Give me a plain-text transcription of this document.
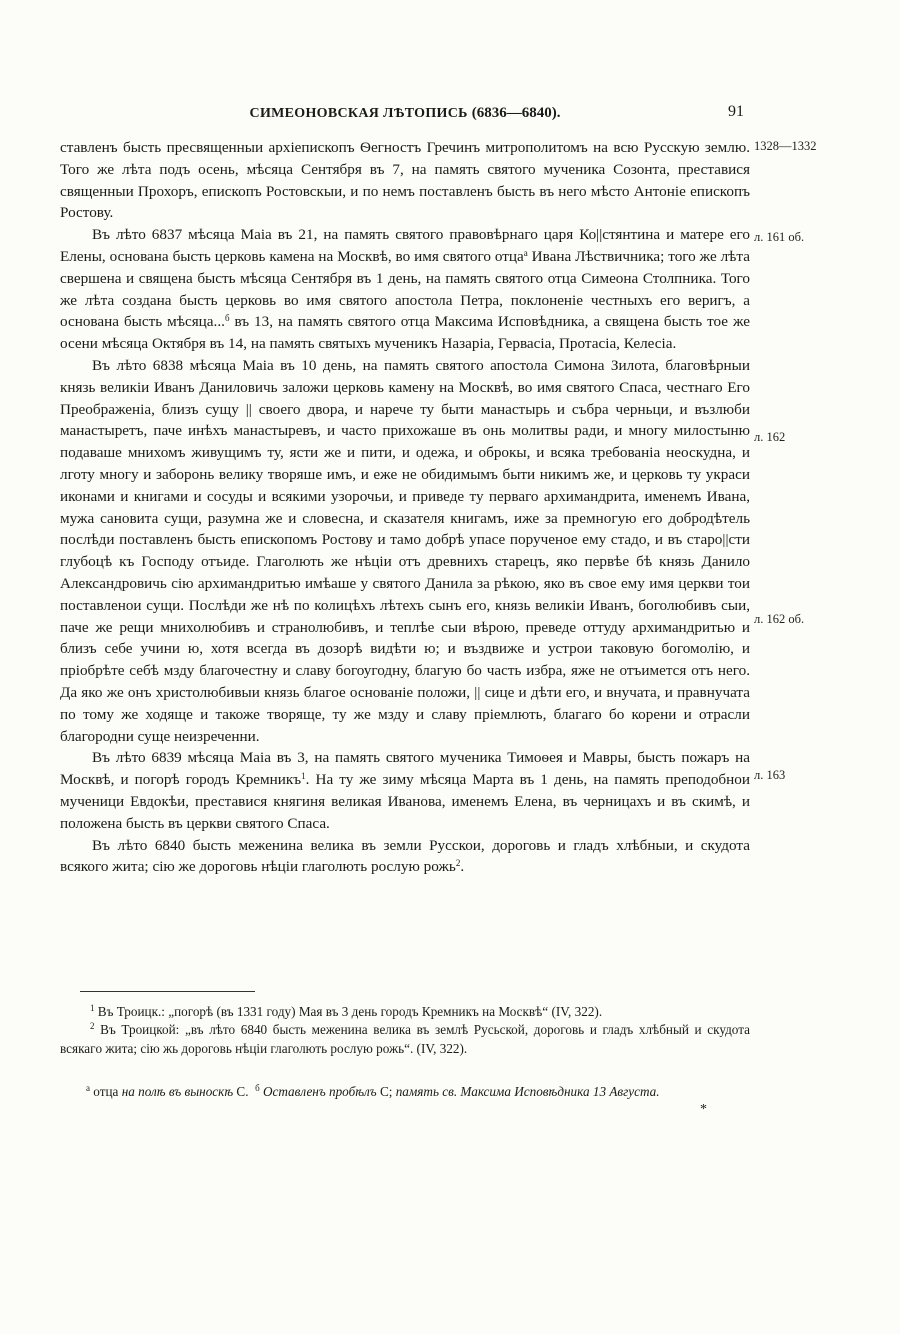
СИМЕОНОВСКАЯ ЛѢТОПИСЬ (6836—6840).	91
1328—1332
л. 161 об.
л. 162
л. 162 об.
л. 163

ставленъ бысть пресвященныи архіепископъ Ѳегностъ Гречинъ митрополитомъ на всю Русскую землю. Того же лѣта подъ осень, мѣсяца Сентября въ 7, на память святого мученика Созонта, преставися священныи Прохоръ, епископъ Ростовскыи, и по немъ поставленъ бысть въ него мѣсто Антоніе епископъ Ростову.

Въ лѣто 6837 мѣсяца Маіа въ 21, на память святого правовѣрнаго царя Ко||стянтина и матере его Елены, основана бысть церковь камена на Москвѣ, во имя святого отца$^а$ Ивана Лѣствичника; того же лѣта свершена и священа бысть мѣсяца Сентября въ 1 день, на память святого отца Симеона Столпника. Того же лѣта создана бысть церковь во имя святого апостола Петра, поклоненіе честныхъ его веригъ, а основана бысть мѣсяца...$^б$ въ 13, на память святого отца Максима Исповѣдника, а священа бысть тое же осени мѣсяца Октября въ 14, на память святыхъ мученикъ Назаріа, Гервасіа, Протасіа, Келесіа.

Въ лѣто 6838 мѣсяца Маіа въ 10 день, на память святого апостола Симона Зилота, благовѣрныи князь великіи Иванъ Даниловичь заложи церковь камену на Москвѣ, во имя святого Спаса, честнаго Его Преображеніа, близъ сущу || своего двора, и нарече ту быти манастырь и събра черньци, и възлюби манастыретъ, паче инѣхъ манастыревъ, и часто прихожаше въ онь молитвы ради, и многу милостыню подаваше мнихомъ живущимъ ту, ясти же и пити, и одежа, и оброкы, и всяка требованіа неоскудна, и лготу многу и заборонь велику творяше имъ, и еже не обидимымъ быти никимъ же, и церковь ту украси иконами и книгами и сосуды и всякими узорочьи, и приведе ту перваго архимандрита, именемъ Ивана, мужа сановита сущи, разумна же и словесна, и сказателя книгамъ, иже за премногую его добродѣтель послѣди поставленъ бысть епископомъ Ростову и тамо добрѣ упасе порученое ему стадо, и въ старо||сти глубоцѣ къ Господу отъиде. Глаголють же нѣцiи отъ древнихъ старецъ, яко первѣе бѣ князь Данило Александровичь сію архимандритью имѣаше у святого Данила за рѣкою, яко въ свое ему имя церкви тои поставленои сущи. Послѣди же нѣ по колицѣхъ лѣтехъ сынъ его, князь великіи Иванъ, боголюбивъ сыи, паче же рещи мнихолюбивъ и странолюбивъ, и теплѣе сыи вѣрою, преведе оттуду архимандритью и близъ себе учини ю, хотя всегда въ дозорѣ видѣти ю; и въздвиже и устрои таковую богомолію, и пріобрѣте себѣ мзду благочестну и славу богоугодну, благую бо часть избра, яже не отъимется отъ него. Да яко же онъ христолюбивыи князь благое основаніе положи, || сице и дѣти его, и внучата, и правнучата по тому же ходяще и такоже творяще, ту же мзду и славу пріемлють, благаго бо корени и отрасли благородни суще неизреченни.

Въ лѣто 6839 мѣсяца Маіа въ 3, на память святого мученика Тимоѳея и Мавры, бысть пожаръ на Москвѣ, и погорѣ городъ Кремникъ$^1$. На ту же зиму мѣсяца Марта въ 1 день, на память преподобнои мученици Евдокѣи, преставися княгиня великая Иванова, именемъ Елена, въ черницахъ и въ скимѣ, и положена бысть въ церкви святого Спаса.

Въ лѣто 6840 бысть меженина велика въ земли Русскои, дороговь и гладъ хлѣбныи, и скудота всякого жита; сію же дороговь нѣцiи глаголють рослую рожь$^2$.

$^1$ Въ Троицк.: „погорѣ (въ 1331 году) Мая въ 3 день городъ Кремникъ на Москвѣ“ (IV, 322).

$^2$ Въ Троицкой: „въ лѣто 6840 бысть меженина велика въ землѣ Русьской, дороговь и гладъ хлѣбный и скудота всякагo жита; сію жь дороговь нѣціи глаголють рослую рожь“. (IV, 322).

$^а$ отца на полѣ въ выноскѣ С. $^б$ Оставленъ пробѣлъ С; память св. Максима Исповѣдника 13 Августа.
*
